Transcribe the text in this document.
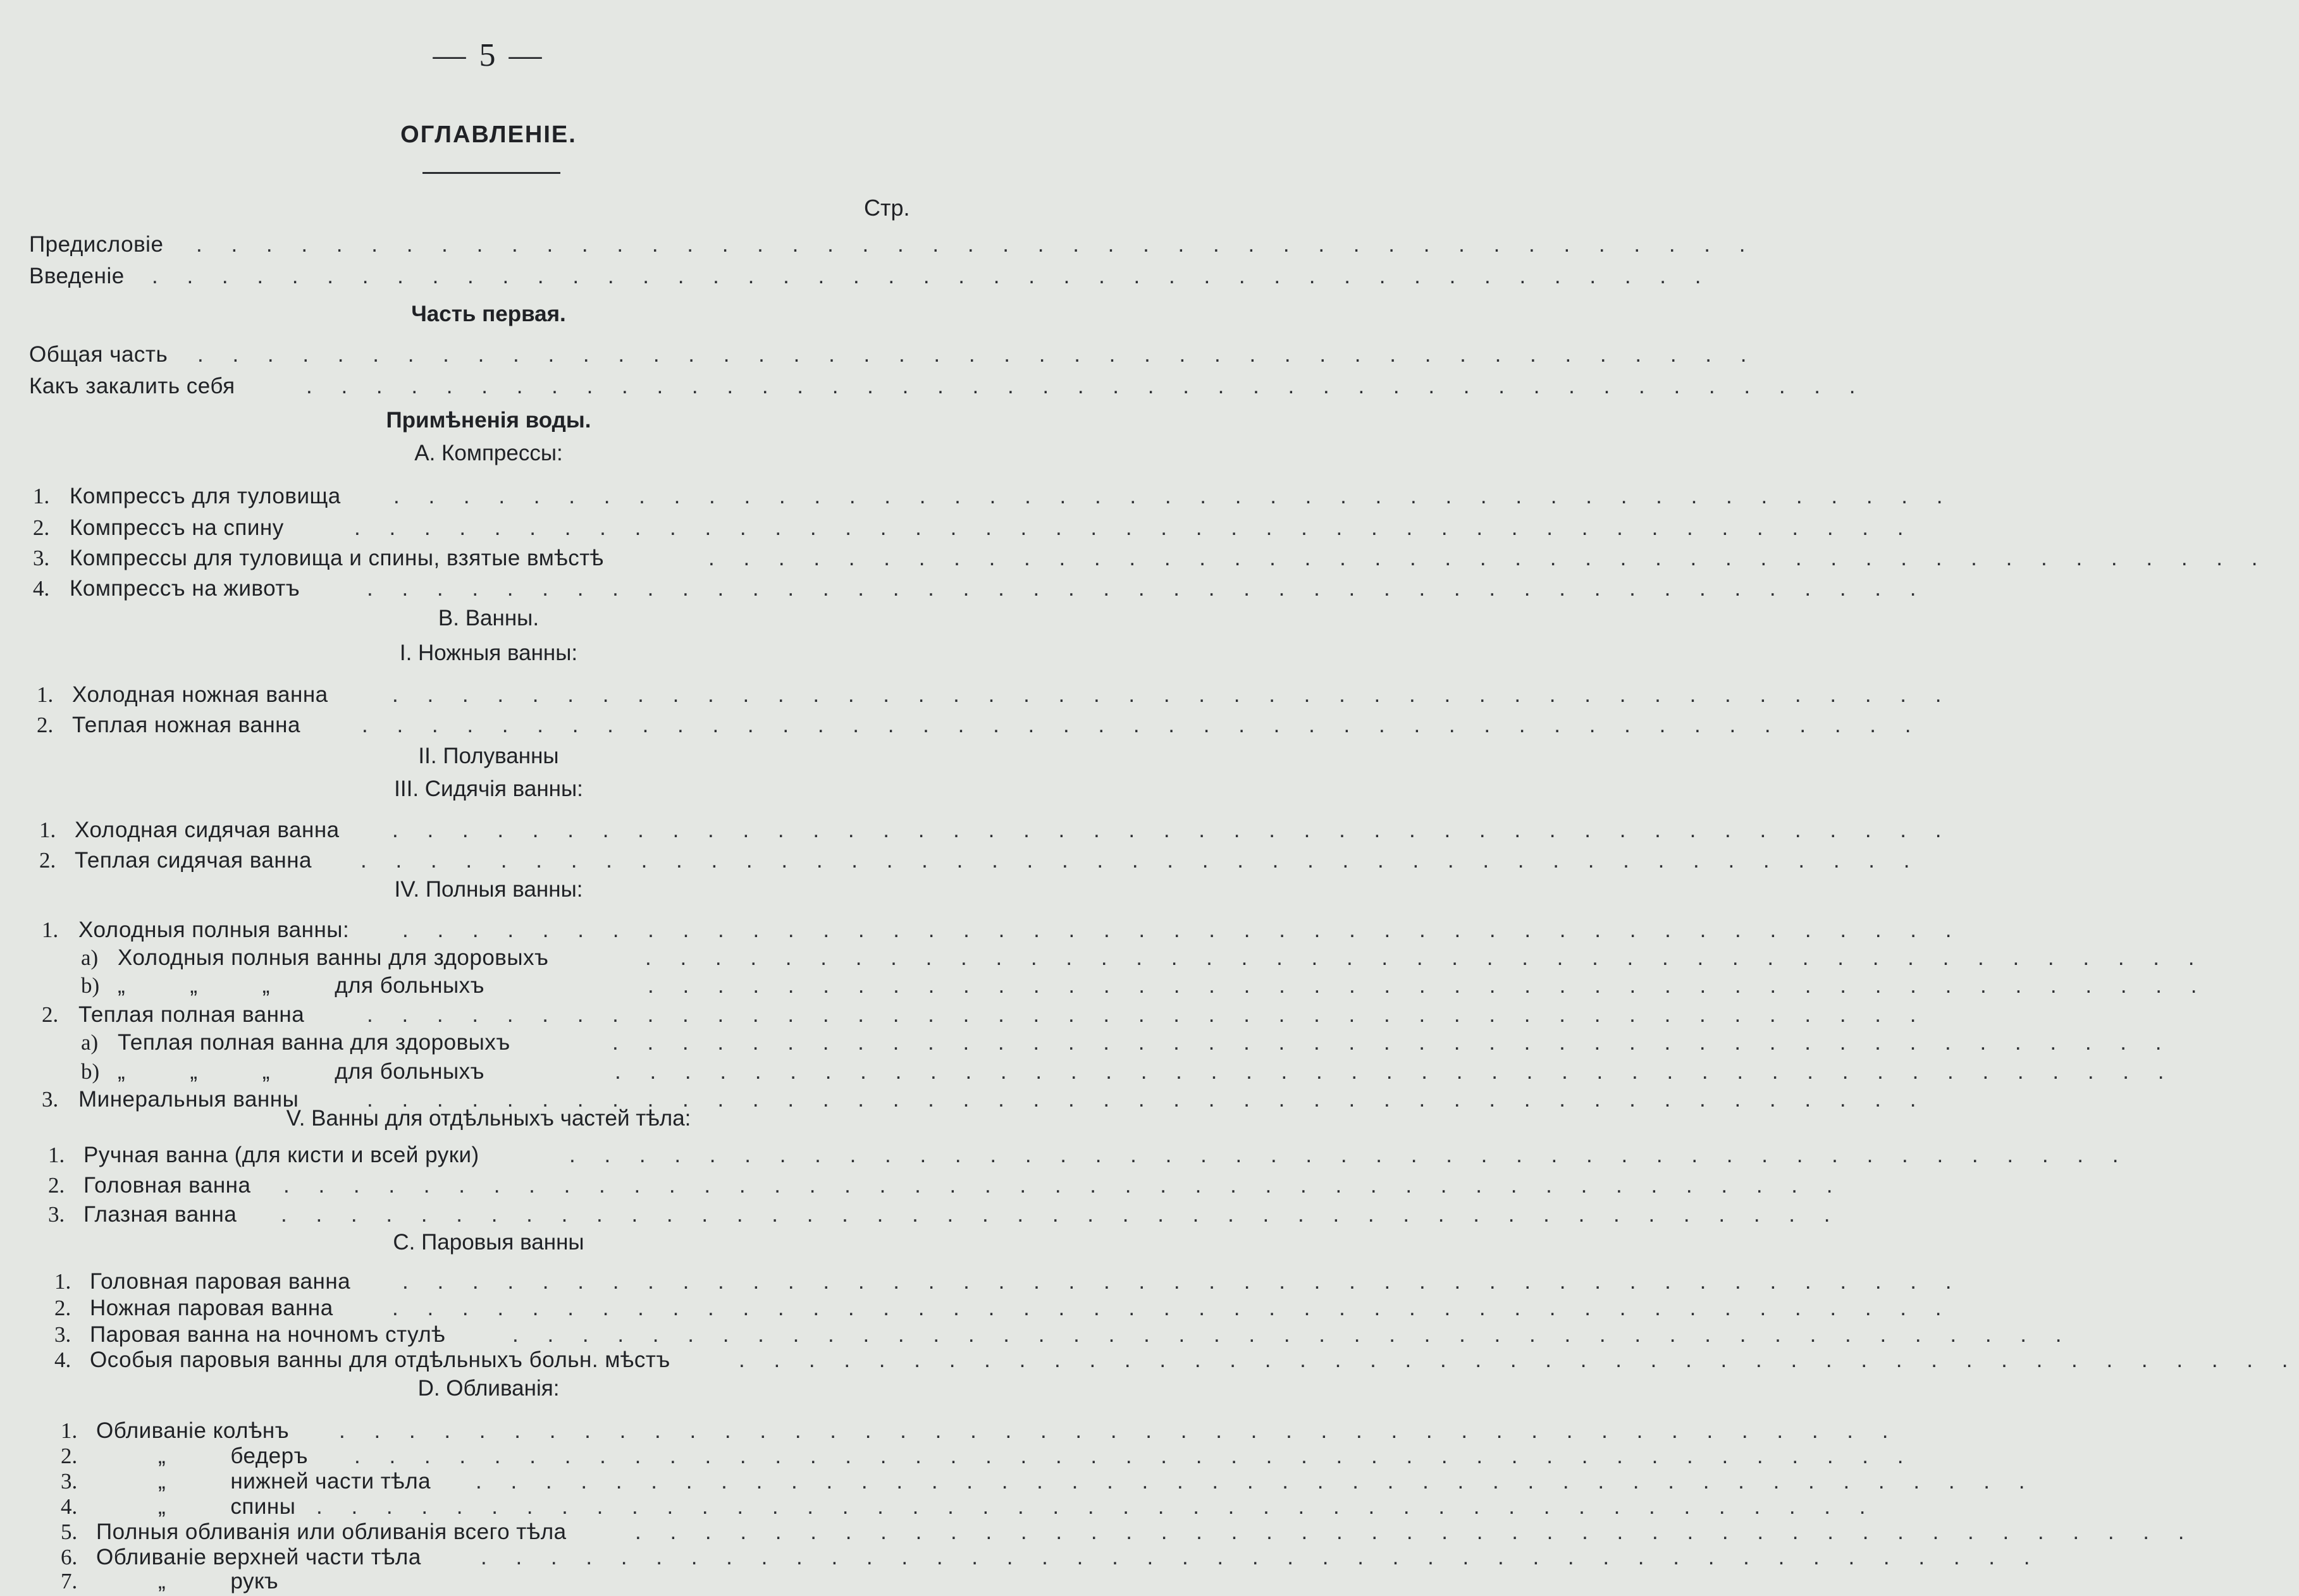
— 5 —
ОГЛАВЛЕНIЕ.
Стр.
Часть первая.
Примѣненiя воды.
А. Компрессы:
В. Ванны.
I. Ножныя ванны:
II. Полуванны
III. Сидячiя ванны:
IV. Полныя ванны:
V. Ванны для отдѣльныхъ частей тѣла:
С. Паровыя ванны
D. Обливанiя:
Предисловiе . . . . . . . . . . . . . . . . . . . . . . . . . . . . . . . . . . . . . . . . . . . . .
Введенiе . . . . . . . . . . . . . . . . . . . . . . . . . . . . . . . . . . . . . . . . . . . . .
Общая часть . . . . . . . . . . . . . . . . . . . . . . . . . . . . . . . . . . . . . . . . . . . . .
Какъ закалить себя	. . . . . . . . . . . . . . . . . . . . . . . . . . . . . . . . . . . . . . . . . . . . .
1. Компрессъ для туловища . . . . . . . . . . . . . . . . . . . . . . . . . . . . . . . . . . . . . . . . . . . . .
2. Компрессъ на спину	. . . . . . . . . . . . . . . . . . . . . . . . . . . . . . . . . . . . . . . . . . . . .
3. Компрессы для туловища и спины, взятые вмѣстѣ	. . . . . . . . . . . . . . . . . . . . . . . . . . . . . . . . . . . . . . . . . . . . .
4. Компрессъ на животъ	. . . . . . . . . . . . . . . . . . . . . . . . . . . . . . . . . . . . . . . . . . . . .
1. Холодная ножная ванна	. . . . . . . . . . . . . . . . . . . . . . . . . . . . . . . . . . . . . . . . . . . . .
2. Теплая ножная ванна	. . . . . . . . . . . . . . . . . . . . . . . . . . . . . . . . . . . . . . . . . . . . .
1. Холодная сидячая ванна . . . . . . . . . . . . . . . . . . . . . . . . . . . . . . . . . . . . . . . . . . . . .
2. Теплая сидячая ванна . . . . . . . . . . . . . . . . . . . . . . . . . . . . . . . . . . . . . . . . . . . . .
1. Холодныя полныя ванны: . . . . . . . . . . . . . . . . . . . . . . . . . . . . . . . . . . . . . . . . . . . . .
a) Холодныя полныя ванны для здоровыхъ	. . . . . . . . . . . . . . . . . . . . . . . . . . . . . . . . . . . . . . . . . . . . .
b) „          „          „          для больныхъ	. . . . . . . . . . . . . . . . . . . . . . . . . . . . . . . . . . . . . . . . . . . . .
2. Теплая полная ванна	. . . . . . . . . . . . . . . . . . . . . . . . . . . . . . . . . . . . . . . . . . . . .
a) Теплая полная ванна для здоровыхъ	. . . . . . . . . . . . . . . . . . . . . . . . . . . . . . . . . . . . . . . . . . . . .
b) „          „          „          для больныхъ	. . . . . . . . . . . . . . . . . . . . . . . . . . . . . . . . . . . . . . . . . . . . .
3. Минеральныя ванны	. . . . . . . . . . . . . . . . . . . . . . . . . . . . . . . . . . . . . . . . . . . . .
1. Ручная ванна (для кисти и всей руки)	. . . . . . . . . . . . . . . . . . . . . . . . . . . . . . . . . . . . . . . . . . . . .
2. Головная ванна . . . . . . . . . . . . . . . . . . . . . . . . . . . . . . . . . . . . . . . . . . . . .
3. Глазная ванна . . . . . . . . . . . . . . . . . . . . . . . . . . . . . . . . . . . . . . . . . . . . .
1. Головная паровая ванна . . . . . . . . . . . . . . . . . . . . . . . . . . . . . . . . . . . . . . . . . . . . .
2. Ножная паровая ванна	. . . . . . . . . . . . . . . . . . . . . . . . . . . . . . . . . . . . . . . . . . . . .
3. Паровая ванна на ночномъ стулѣ	. . . . . . . . . . . . . . . . . . . . . . . . . . . . . . . . . . . . . . . . . . . . .
4. Особыя паровыя ванны для отдѣльныхъ больн. мѣстъ	. . . . . . . . . . . . . . . . . . . . . . . . . . . . . . . . . . . . . . . . . . . . .
1. Обливанiе колѣнъ . . . . . . . . . . . . . . . . . . . . . . . . . . . . . . . . . . . . . . . . . . . . .
2.	„          бедеръ . . . . . . . . . . . . . . . . . . . . . . . . . . . . . . . . . . . . . . . . . . . . .
3.	„          нижней части тѣла . . . . . . . . . . . . . . . . . . . . . . . . . . . . . . . . . . . . . . . . . . . . .
4.	„          спины . . . . . . . . . . . . . . . . . . . . . . . . . . . . . . . . . . . . . . . . . . . . .
5. Полныя обливанiя или обливанiя всего тѣла	. . . . . . . . . . . . . . . . . . . . . . . . . . . . . . . . . . . . . . . . . . . . .
6. Обливанiе верхней части тѣла	. . . . . . . . . . . . . . . . . . . . . . . . . . . . . . . . . . . . . . . . . . . . .
7.	„          рукъ
